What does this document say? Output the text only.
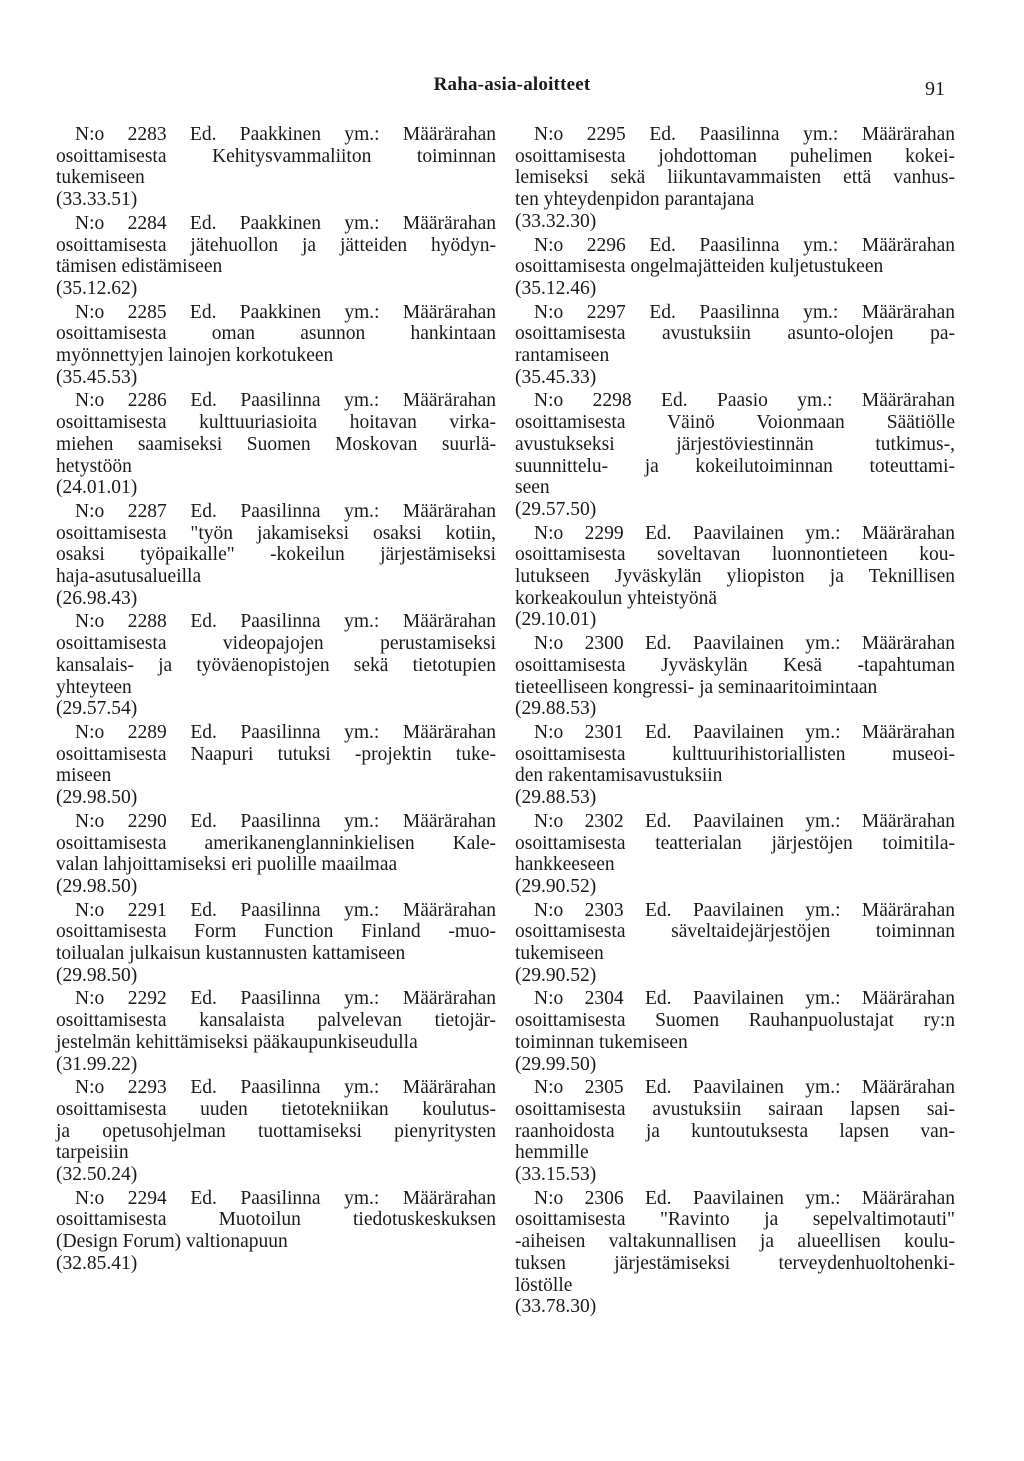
Raha-asia-aloitteet	91
N:o 2283 Ed. Paakkinen ym.: Määrärahan
osoittamisesta Kehitysvammaliiton toiminnan
tukemiseen
(33.33.51)
N:o 2284 Ed. Paakkinen ym.: Määrärahan
osoittamisesta jätehuollon ja jätteiden hyödyn-
tämisen edistämiseen
(35.12.62)
N:o 2285 Ed. Paakkinen ym.: Määrärahan
osoittamisesta oman asunnon hankintaan
myönnettyjen lainojen korkotukeen
(35.45.53)
N:o 2286 Ed. Paasilinna ym.: Määrärahan
osoittamisesta kulttuuriasioita hoitavan virka-
miehen saamiseksi Suomen Moskovan suurlä-
hetystöön
(24.01.01)
N:o 2287 Ed. Paasilinna ym.: Määrärahan
osoittamisesta "työn jakamiseksi osaksi kotiin,
osaksi työpaikalle" -kokeilun järjestämiseksi
haja-asutusalueilla
(26.98.43)
N:o 2288 Ed. Paasilinna ym.: Määrärahan
osoittamisesta videopajojen perustamiseksi
kansalais- ja työväenopistojen sekä tietotupien
yhteyteen
(29.57.54)
N:o 2289 Ed. Paasilinna ym.: Määrärahan
osoittamisesta Naapuri tutuksi -projektin tuke-
miseen
(29.98.50)
N:o 2290 Ed. Paasilinna ym.: Määrärahan
osoittamisesta amerikanenglanninkielisen Kale-
valan lahjoittamiseksi eri puolille maailmaa
(29.98.50)
N:o 2291 Ed. Paasilinna ym.: Määrärahan
osoittamisesta Form Function Finland -muo-
toilualan julkaisun kustannusten kattamiseen
(29.98.50)
N:o 2292 Ed. Paasilinna ym.: Määrärahan
osoittamisesta kansalaista palvelevan tietojär-
jestelmän kehittämiseksi pääkaupunkiseudulla
(31.99.22)
N:o 2293 Ed. Paasilinna ym.: Määrärahan
osoittamisesta uuden tietotekniikan koulutus-
ja opetusohjelman tuottamiseksi pienyritysten
tarpeisiin
(32.50.24)
N:o 2294 Ed. Paasilinna ym.: Määrärahan
osoittamisesta Muotoilun tiedotuskeskuksen
(Design Forum) valtionapuun
(32.85.41)
N:o 2295 Ed. Paasilinna ym.: Määrärahan
osoittamisesta johdottoman puhelimen kokei-
lemiseksi sekä liikuntavammaisten että vanhus-
ten yhteydenpidon parantajana
(33.32.30)
N:o 2296 Ed. Paasilinna ym.: Määrärahan
osoittamisesta ongelmajätteiden kuljetustukeen
(35.12.46)
N:o 2297 Ed. Paasilinna ym.: Määrärahan
osoittamisesta avustuksiin asunto-olojen pa-
rantamiseen
(35.45.33)
N:o 2298 Ed. Paasio ym.: Määrärahan
osoittamisesta Väinö Voionmaan Säätiölle
avustukseksi järjestöviestinnän tutkimus-,
suunnittelu- ja kokeilutoiminnan toteuttami-
seen
(29.57.50)
N:o 2299 Ed. Paavilainen ym.: Määrärahan
osoittamisesta soveltavan luonnontieteen kou-
lutukseen Jyväskylän yliopiston ja Teknillisen
korkeakoulun yhteistyönä
(29.10.01)
N:o 2300 Ed. Paavilainen ym.: Määrärahan
osoittamisesta Jyväskylän Kesä -tapahtuman
tieteelliseen kongressi- ja seminaaritoimintaan
(29.88.53)
N:o 2301 Ed. Paavilainen ym.: Määrärahan
osoittamisesta kulttuurihistoriallisten museoi-
den rakentamisavustuksiin
(29.88.53)
N:o 2302 Ed. Paavilainen ym.: Määrärahan
osoittamisesta teatterialan järjestöjen toimitila-
hankkeeseen
(29.90.52)
N:o 2303 Ed. Paavilainen ym.: Määrärahan
osoittamisesta säveltaidejärjestöjen toiminnan
tukemiseen
(29.90.52)
N:o 2304 Ed. Paavilainen ym.: Määrärahan
osoittamisesta Suomen Rauhanpuolustajat ry:n
toiminnan tukemiseen
(29.99.50)
N:o 2305 Ed. Paavilainen ym.: Määrärahan
osoittamisesta avustuksiin sairaan lapsen sai-
raanhoidosta ja kuntoutuksesta lapsen van-
hemmille
(33.15.53)
N:o 2306 Ed. Paavilainen ym.: Määrärahan
osoittamisesta "Ravinto ja sepelvaltimotauti"
-aiheisen valtakunnallisen ja alueellisen koulu-
tuksen järjestämiseksi terveydenhuoltohenki-
löstölle
(33.78.30)
